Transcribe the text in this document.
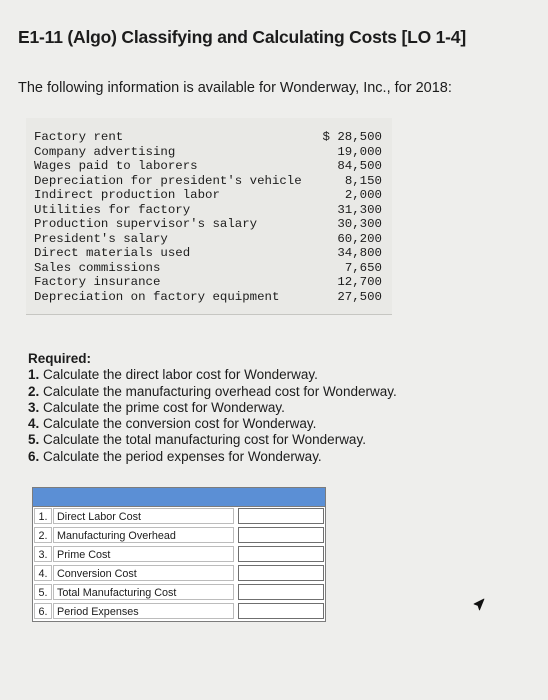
E1-11 (Algo) Classifying and Calculating Costs [LO 1-4]
The following information is available for Wonderway, Inc., for 2018:
Factory rent	$ 28,500
Company advertising	19,000
Wages paid to laborers	84,500
Depreciation for president's vehicle	8,150
Indirect production labor	2,000
Utilities for factory	31,300
Production supervisor's salary	30,300
President's salary	60,200
Direct materials used	34,800
Sales commissions	7,650
Factory insurance	12,700
Depreciation on factory equipment	27,500
Required:
1. Calculate the direct labor cost for Wonderway.
2. Calculate the manufacturing overhead cost for Wonderway.
3. Calculate the prime cost for Wonderway.
4. Calculate the conversion cost for Wonderway.
5. Calculate the total manufacturing cost for Wonderway.
6. Calculate the period expenses for Wonderway.
1. Direct Labor Cost
2. Manufacturing Overhead
3. Prime Cost
4. Conversion Cost
5. Total Manufacturing Cost
6. Period Expenses
